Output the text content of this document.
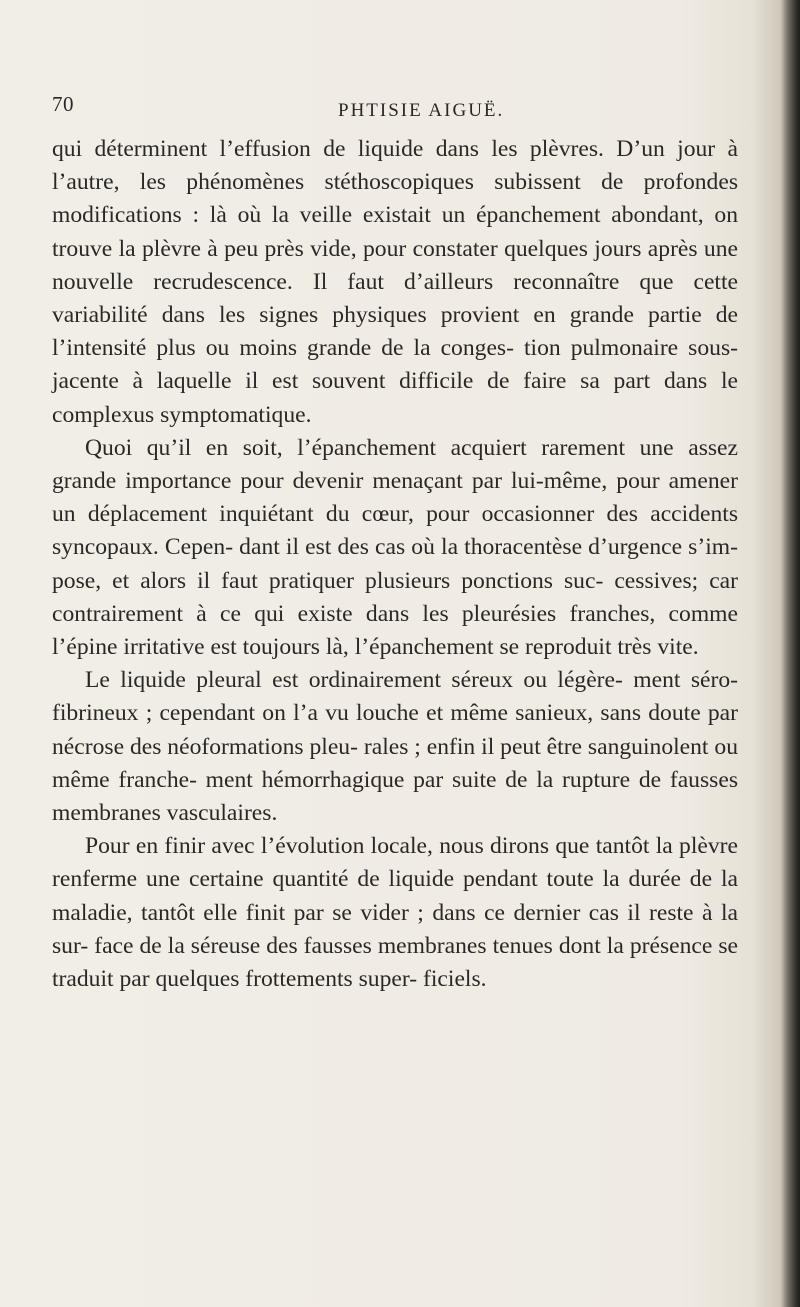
70	PHTISIE AIGUË.

qui déterminent l’effusion de liquide dans les plèvres. D’un jour à l’autre, les phénomènes stéthoscopiques subissent de profondes modifications : là où la veille existait un épanchement abondant, on trouve la plèvre à peu près vide, pour constater quelques jours après une nouvelle recrudescence. Il faut d’ailleurs reconnaître que cette variabilité dans les signes physiques provient en grande partie de l’intensité plus ou moins grande de la conges- tion pulmonaire sous-jacente à laquelle il est souvent difficile de faire sa part dans le complexus symptomatique.

Quoi qu’il en soit, l’épanchement acquiert rarement une assez grande importance pour devenir menaçant par lui-même, pour amener un déplacement inquiétant du cœur, pour occasionner des accidents syncopaux. Cepen- dant il est des cas où la thoracentèse d’urgence s’im- pose, et alors il faut pratiquer plusieurs ponctions suc- cessives; car contrairement à ce qui existe dans les pleurésies franches, comme l’épine irritative est toujours là, l’épanchement se reproduit très vite.

Le liquide pleural est ordinairement séreux ou légère- ment séro-fibrineux ; cependant on l’a vu louche et même sanieux, sans doute par nécrose des néoformations pleu- rales ; enfin il peut être sanguinolent ou même franche- ment hémorrhagique par suite de la rupture de fausses membranes vasculaires.

Pour en finir avec l’évolution locale, nous dirons que tantôt la plèvre renferme une certaine quantité de liquide pendant toute la durée de la maladie, tantôt elle finit par se vider ; dans ce dernier cas il reste à la sur- face de la séreuse des fausses membranes tenues dont la présence se traduit par quelques frottements super- ficiels.
